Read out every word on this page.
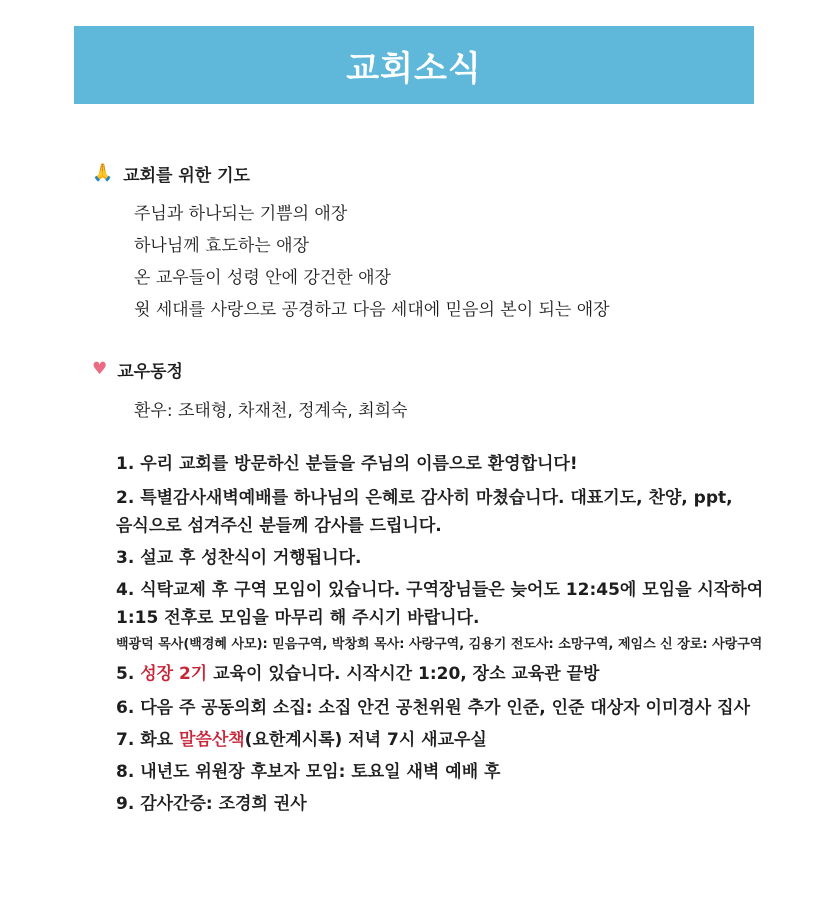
교회소식
🙏 교회를 위한 기도
주님과 하나되는 기쁨의 애장
하나님께 효도하는 애장
온 교우들이 성령 안에 강건한 애장
윗 세대를 사랑으로 공경하고 다음 세대에 믿음의 본이 되는 애장
♥ 교우동정
환우: 조태형, 차재천, 정계숙, 최희숙
1. 우리 교회를 방문하신 분들을 주님의 이름으로 환영합니다!
2. 특별감사새벽예배를 하나님의 은혜로 감사히 마쳤습니다. 대표기도, 찬양, ppt,
음식으로 섬겨주신 분들께 감사를 드립니다.
3. 설교 후 성찬식이 거행됩니다.
4. 식탁교제 후 구역 모임이 있습니다. 구역장님들은 늦어도 12:45에 모임을 시작하여
1:15 전후로 모임을 마무리 해 주시기 바랍니다.
백광덕 목사(백경혜 사모): 믿음구역, 박창희 목사: 사랑구역, 김용기 전도사: 소망구역, 제임스 신 장로: 사랑구역
5. 성장 2기 교육이 있습니다. 시작시간 1:20, 장소 교육관 끝방
6. 다음 주 공동의회 소집: 소집 안건 공천위원 추가 인준, 인준 대상자 이미경사 집사
7. 화요 말씀산책(요한계시록) 저녁 7시 새교우실
8. 내년도 위원장 후보자 모임: 토요일 새벽 예배 후
9. 감사간증: 조경희 권사
